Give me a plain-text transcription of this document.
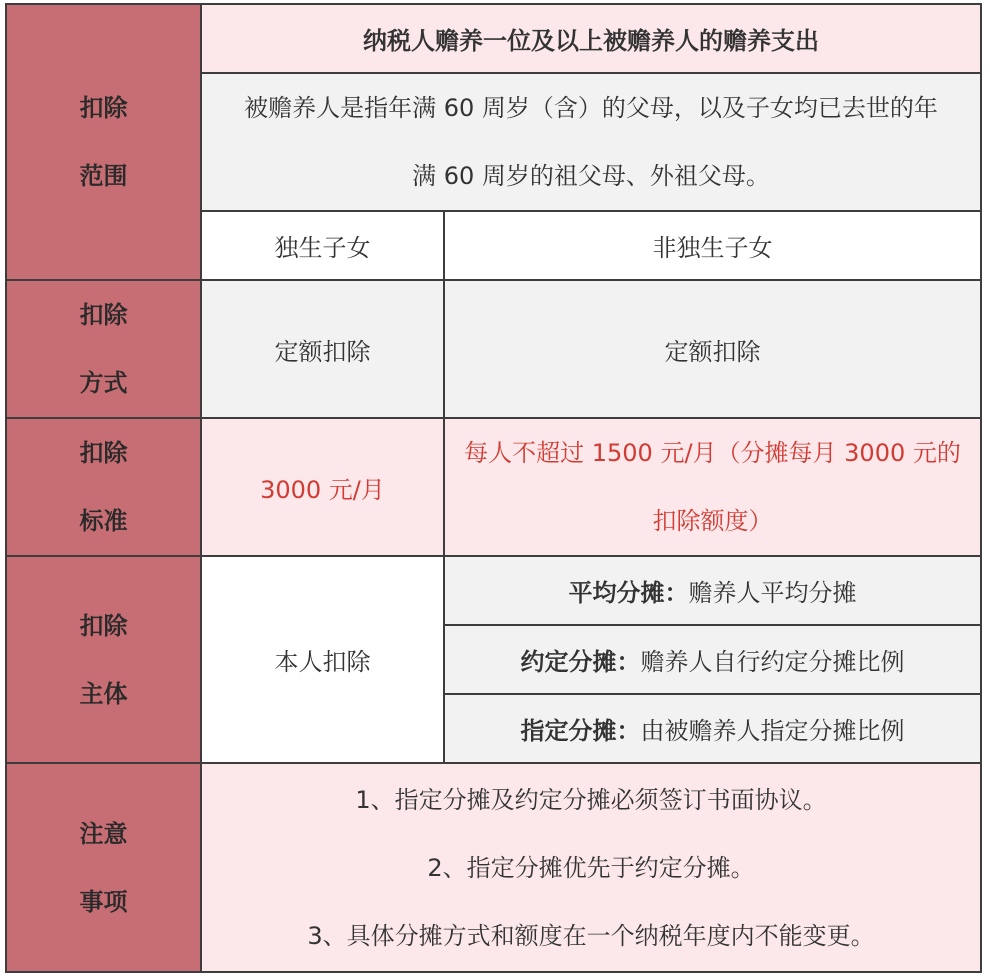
扣除
范围	纳税人赡养一位及以上被赡养人的赡养支出	

	被赡养人是指年满 60 周岁（含）的父母，以及子女均已去世的年
满 60 周岁的祖父母、外祖父母。	

	独生子女	非独生子女

扣除
方式	定额扣除	定额扣除

扣除
标准	3000 元/月	每人不超过 1500 元/月（分摊每月 3000 元的
扣除额度）

扣除
主体	本人扣除	平均分摊：赡养人平均分摊
		约定分摊：赡养人自行约定分摊比例
		指定分摊：由被赡养人指定分摊比例

注意
事项	1、指定分摊及约定分摊必须签订书面协议。
2、指定分摊优先于约定分摊。
3、具体分摊方式和额度在一个纳税年度内不能变更。	
